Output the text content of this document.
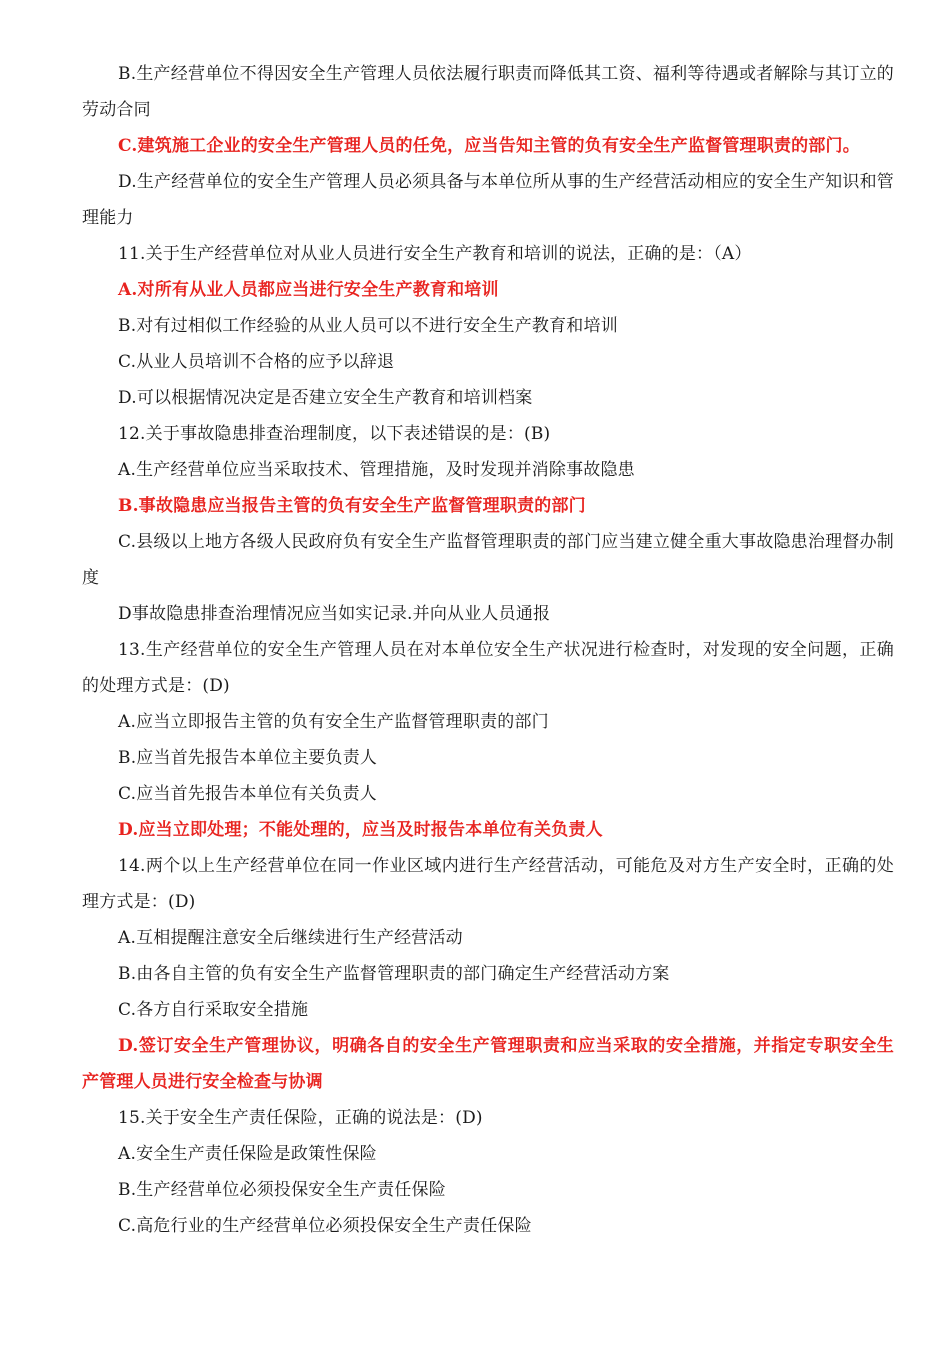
B.生产经营单位不得因安全生产管理人员依法履行职责而降低其工资、福利等待遇或者解除与其订立的劳动合同

C.建筑施工企业的安全生产管理人员的任免，应当告知主管的负有安全生产监督管理职责的部门。

D.生产经营单位的安全生产管理人员必须具备与本单位所从事的生产经营活动相应的安全生产知识和管理能力

11.关于生产经营单位对从业人员进行安全生产教育和培训的说法，正确的是：（A）

A.对所有从业人员都应当进行安全生产教育和培训

B.对有过相似工作经验的从业人员可以不进行安全生产教育和培训

C.从业人员培训不合格的应予以辞退

D.可以根据情况决定是否建立安全生产教育和培训档案

12.关于事故隐患排查治理制度，以下表述错误的是：(B)

A.生产经营单位应当采取技术、管理措施，及时发现并消除事故隐患

B.事故隐患应当报告主管的负有安全生产监督管理职责的部门

C.县级以上地方各级人民政府负有安全生产监督管理职责的部门应当建立健全重大事故隐患治理督办制度

D事故隐患排查治理情况应当如实记录.并向从业人员通报

13.生产经营单位的安全生产管理人员在对本单位安全生产状况进行检查时，对发现的安全问题，正确的处理方式是：(D)

A.应当立即报告主管的负有安全生产监督管理职责的部门

B.应当首先报告本单位主要负责人

C.应当首先报告本单位有关负责人

D.应当立即处理；不能处理的，应当及时报告本单位有关负责人

14.两个以上生产经营单位在同一作业区域内进行生产经营活动，可能危及对方生产安全时，正确的处理方式是：(D)

A.互相提醒注意安全后继续进行生产经营活动

B.由各自主管的负有安全生产监督管理职责的部门确定生产经营活动方案

C.各方自行采取安全措施

D.签订安全生产管理协议，明确各自的安全生产管理职责和应当采取的安全措施，并指定专职安全生产管理人员进行安全检查与协调

15.关于安全生产责任保险，正确的说法是：(D)

A.安全生产责任保险是政策性保险

B.生产经营单位必须投保安全生产责任保险

C.高危行业的生产经营单位必须投保安全生产责任保险
